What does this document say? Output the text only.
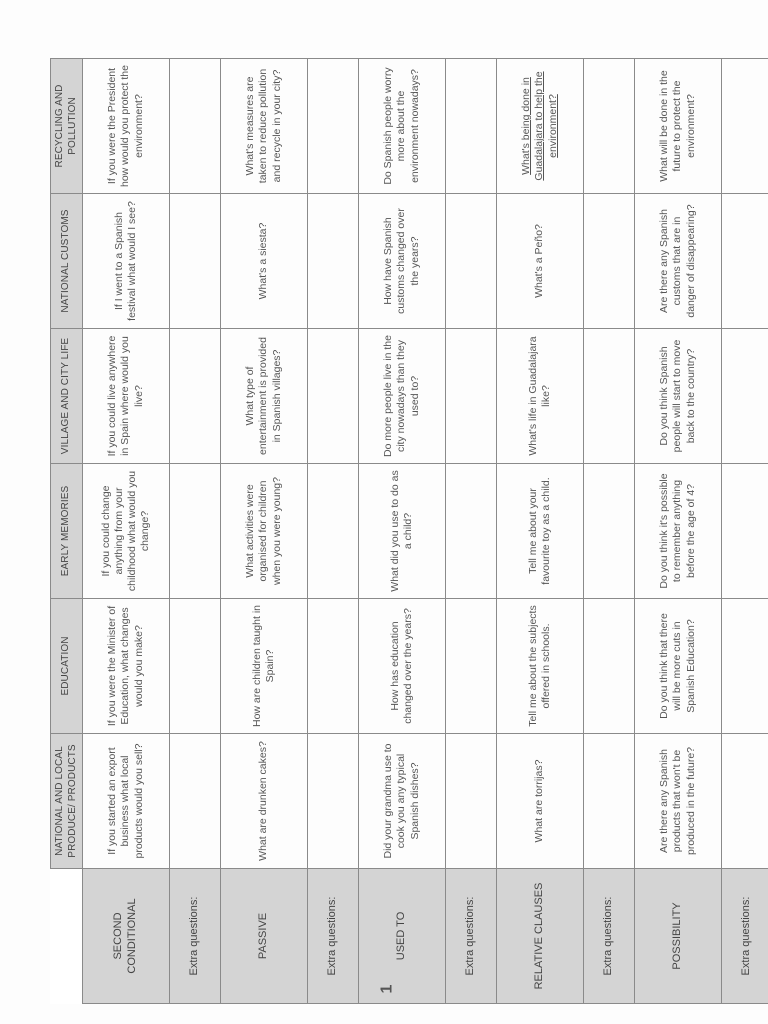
	NATIONAL AND LOCAL PRODUCE/ PRODUCTS	EDUCATION	EARLY MEMORIES	VILLAGE AND CITY LIFE	NATIONAL CUSTOMS	RECYCLING AND POLLUTION
SECOND CONDITIONAL	If you started an export business what local products would you sell?	If you were the Minister of Education, what changes would you make?	If you could change anything from your childhood what would you change?	If you could live anywhere in Spain where would you live?	If I went to a Spanish festival what would I see?	If you were the President how would you protect the environment?
Extra questions:						
PASSIVE	What are drunken cakes?	How are children taught in Spain?	What activities were organised for children when you were young?	What type of entertainment is provided in Spanish villages?	What's a siesta?	What's measures are taken to reduce pollution and recycle in your city?
Extra questions:						
USED TO	Did your grandma use to cook you any typical Spanish dishes?	How has education changed over the years?	What did you use to do as a child?	Do more people live in the city nowadays than they used to?	How have Spanish customs changed over the years?	Do Spanish people worry more about the environment nowadays?
Extra questions:						
RELATIVE CLAUSES	What are torrijas?	Tell me about the subjects offered in schools.	Tell me about your favourite toy as a child.	What's life in Guadalajara like?	What's a Peño?	What's being done in Guadalajara to help the environment?
Extra questions:						
POSSIBILITY	Are there any Spanish products that won't be produced in the future?	Do you think that there will be more cuts in Spanish Education?	Do you think it's possible to remember anything before the age of 4?	Do you think Spanish people will start to move back to the country?	Are there any Spanish customs that are in danger of disappearing?	What will be done in the future to protect the environment?
Extra questions:						
1
